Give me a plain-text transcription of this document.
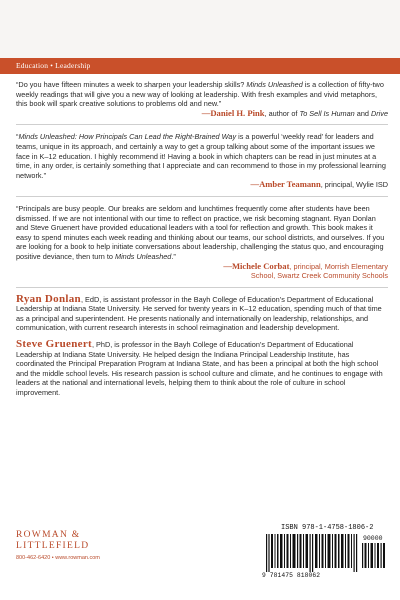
Education • Leadership

“Do you have fifteen minutes a week to sharpen your leadership skills? Minds Unleashed is a collection of fifty-two weekly readings that will give you a new way of looking at leadership. With fresh examples and vivid metaphors, this book will spark creative solutions to problems old and new.”

—Daniel H. Pink, author of To Sell Is Human and Drive

“Minds Unleashed: How Principals Can Lead the Right-Brained Way is a powerful ‘weekly read’ for leaders and teams, unique in its approach, and certainly a way to get a group talking about some of the important issues we face in K–12 education. I highly recommend it! Having a book in which chapters can be read in just minutes at a time, in any order, is certainly something that I appreciate and can recommend to those in my professional learning network.”

—Amber Teamann, principal, Wylie ISD

“Principals are busy people. Our breaks are seldom and lunchtimes frequently come after students have been dismissed. If we are not intentional with our time to reflect on practice, we risk becoming stagnant. Ryan Donlan and Steve Gruenert have provided educational leaders with a tool for reflection and growth. This book makes it easy to spend minutes each week reading and thinking about our teams, our school districts, and ourselves. If you are looking for a book to help initiate conversations about leadership, challenging the status quo, and encouraging positive deviance, then turn to Minds Unleashed.”

—Michele Corbat, principal, Morrish Elementary
School, Swartz Creek Community Schools

Ryan Donlan, EdD, is assistant professor in the Bayh College of Education’s Department of Educational Leadership at Indiana State University. He served for twenty years in K–12 education, spending much of that time as a principal and superintendent. He presents nationally and internationally on leadership, relationships, and communication, with current research interests in school reimagination and leadership development.

Steve Gruenert, PhD, is professor in the Bayh College of Education’s Department of Educational Leadership at Indiana State University. He helped design the Indiana Principal Leadership Institute, has coordinated the Principal Preparation Program at Indiana State, and has been a principal at both the high school and the middle school levels. His research passion is school culture and climate, and he continues to engage with leaders at the national and international levels, helping them to think about the role of culture in school improvement.

ROWMAN &
LITTLEFIELD
800-462-6420 • www.rowman.com
ISBN 978-1-4758-1806-2
90000
9 781475 818062
